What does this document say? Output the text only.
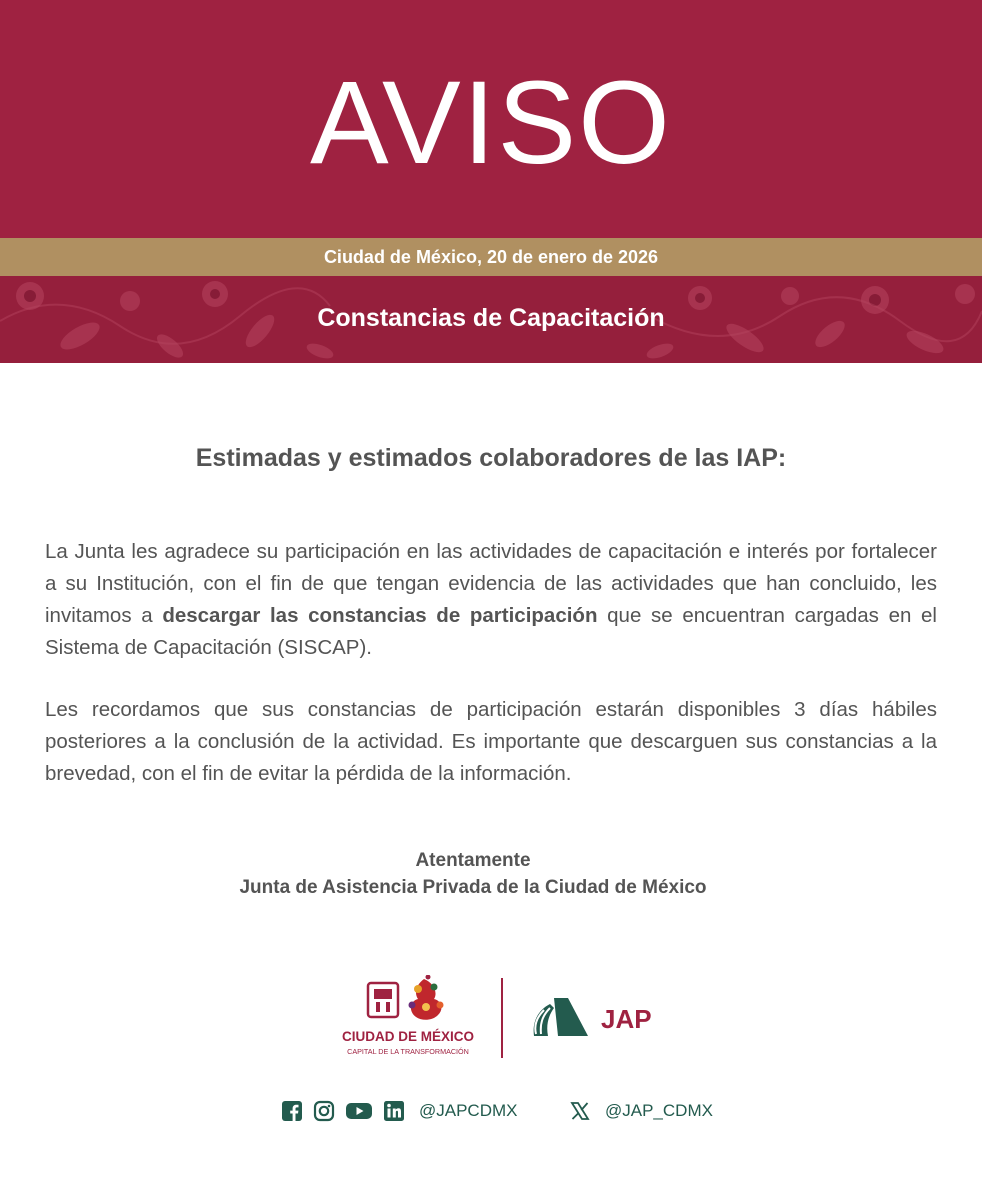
AVISO
Ciudad de México, 20 de enero de 2026
Constancias de Capacitación
Estimadas y estimados colaboradores de las IAP:

La Junta les agradece su participación en las actividades de capacitación e interés por fortalecer a su Institución, con el fin de que tengan evidencia de las actividades que han concluido, les invitamos a descargar las constancias de participación que se encuentran cargadas en el Sistema de Capacitación (SISCAP).

Les recordamos que sus constancias de participación estarán disponibles 3 días hábiles posteriores a la conclusión de la actividad. Es importante que descarguen sus constancias a la brevedad, con el fin de evitar la pérdida de la información.

Atentamente
Junta de Asistencia Privada de la Ciudad de México
CIUDAD DE MÉXICO
CAPITAL DE LA TRANSFORMACIÓN
JAP
@JAPCDMX	@JAP_CDMX
